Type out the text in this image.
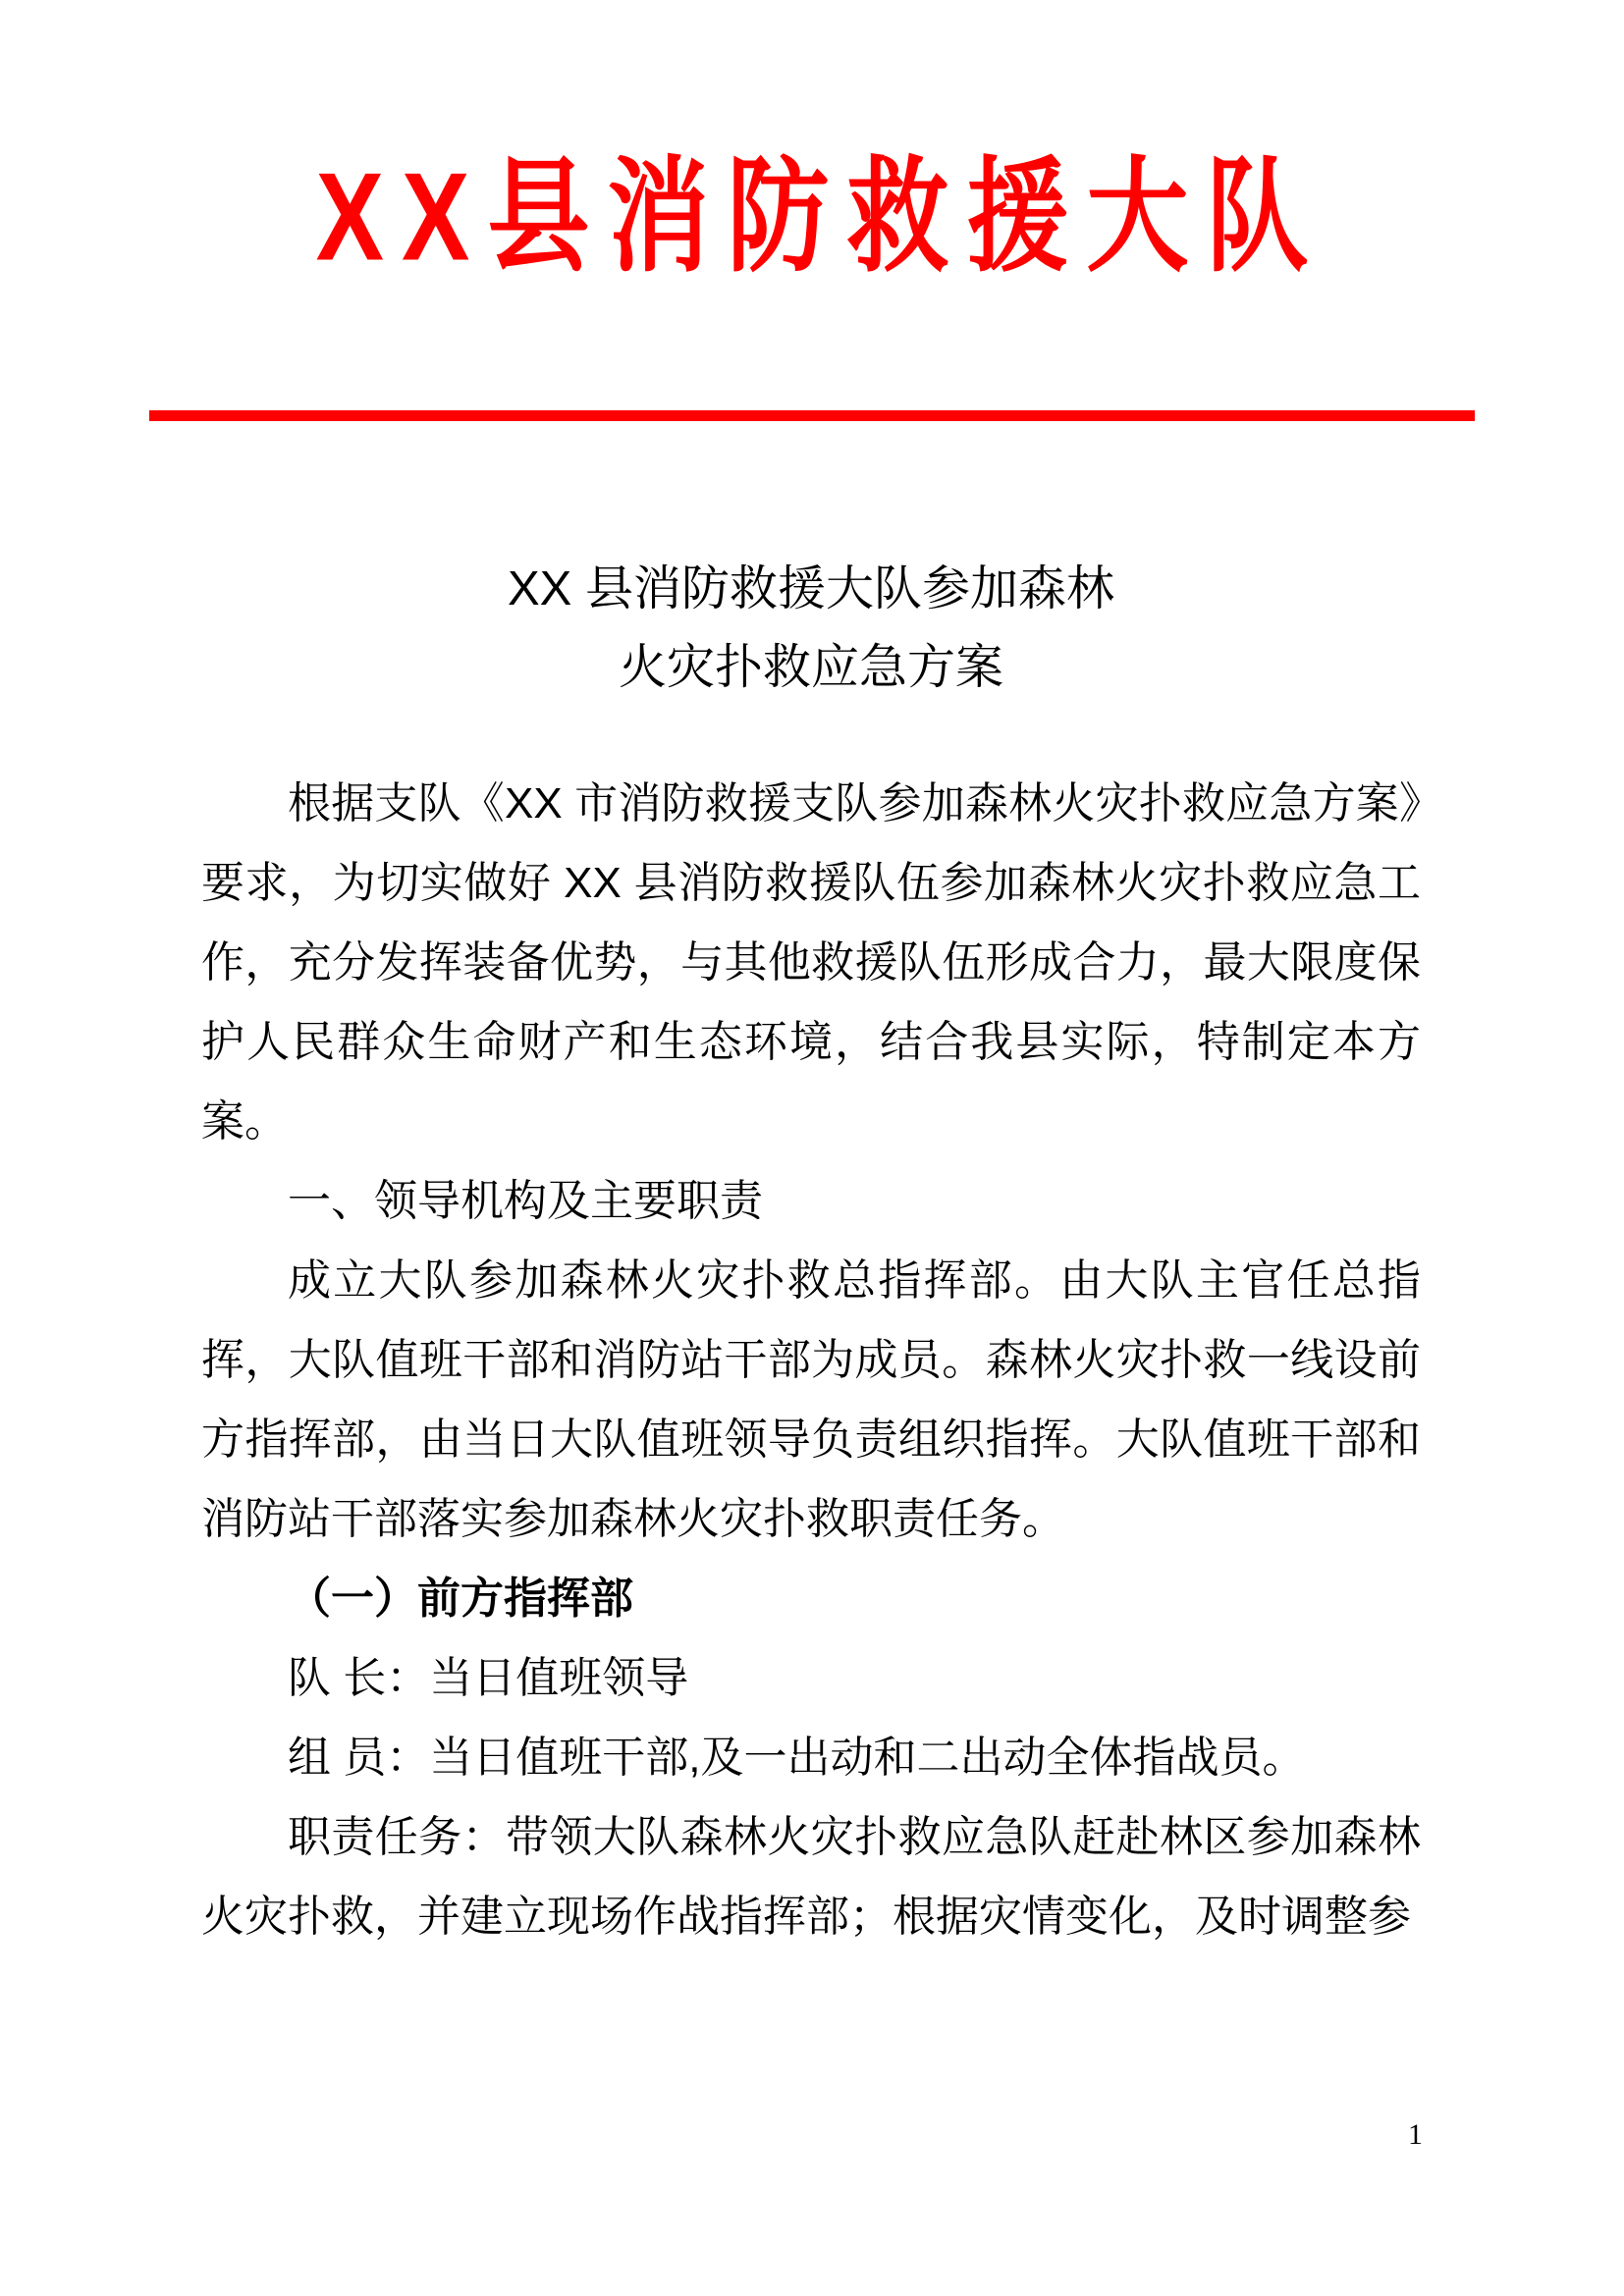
XX县消防救援大队
XX 县消防救援大队参加森林
火灾扑救应急方案

根据支队《XX 市消防救援支队参加森林火灾扑救应急方案》要求，为切实做好 XX 县消防救援队伍参加森林火灾扑救应急工作，充分发挥装备优势，与其他救援队伍形成合力，最大限度保护人民群众生命财产和生态环境，结合我县实际，特制定本方案。

一、领导机构及主要职责

成立大队参加森林火灾扑救总指挥部。由大队主官任总指挥，大队值班干部和消防站干部为成员。森林火灾扑救一线设前方指挥部，由当日大队值班领导负责组织指挥。大队值班干部和消防站干部落实参加森林火灾扑救职责任务。

（一）前方指挥部

队 长：当日值班领导

组 员：当日值班干部,及一出动和二出动全体指战员。

职责任务：带领大队森林火灾扑救应急队赶赴林区参加森林火灾扑救，并建立现场作战指挥部；根据灾情变化，及时调整参

1
